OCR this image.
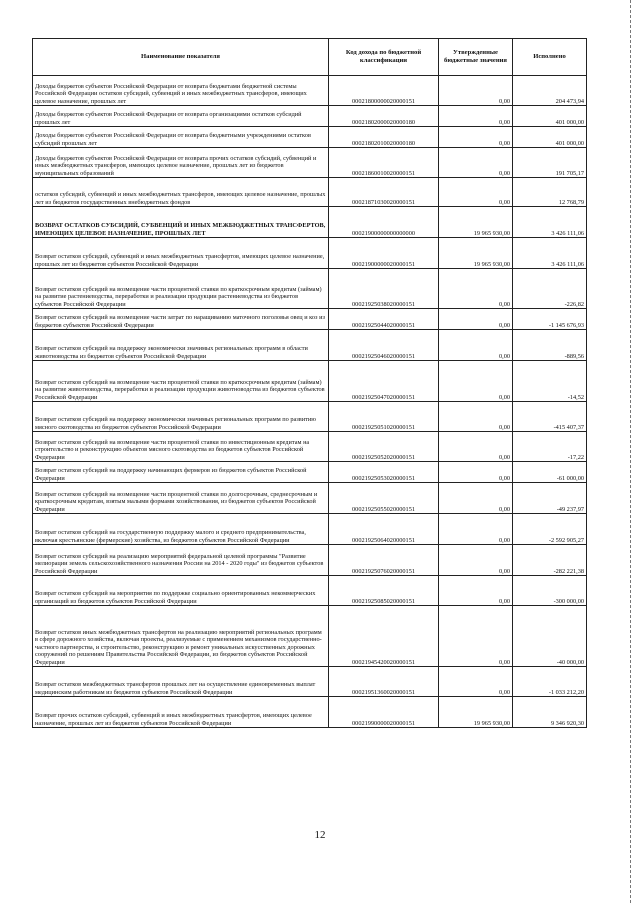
Наименование показателя	Код дохода по бюджетной классификации	Утвержденные бюджетные значения	Исполнено
Доходы бюджетов субъектов Российской Федерации от возврата бюджетами бюджетной системы Российской Федерации остатков субсидий, субвенций и иных межбюджетных трансферов, имеющих целевое назначение, прошлых лет	00021800000020000151	0,00	204 473,94
Доходы бюджетов субъектов Российской Федерации от возврата организациями остатков субсидий прошлых лет	00021802000020000180	0,00	401 000,00
Доходы бюджетов субъектов Российской Федерации от возврата бюджетными учреждениями остатков субсидий прошлых лет	00021802010020000180	0,00	401 000,00
Доходы бюджетов субъектов Российской Федерации от возврата прочих остатков субсидий, субвенций и иных межбюджетных трансферов, имеющих целевое назначение, прошлых лет из бюджетов муниципальных образований	00021860010020000151	0,00	191 705,17
остатков субсидий, субвенций и иных межбюджетных трансферов, имеющих целевое назначение, прошлых лет из бюджетов государственных внебюджетных фондов	00021871030020000151	0,00	12 768,79
ВОЗВРАТ ОСТАТКОВ СУБСИДИЙ, СУБВЕНЦИЙ И ИНЫХ МЕЖБЮДЖЕТНЫХ ТРАНСФЕРТОВ, ИМЕЮЩИХ ЦЕЛЕВОЕ НАЗНАЧЕНИЕ, ПРОШЛЫХ ЛЕТ	00021900000000000000	19 965 930,00	3 426 111,06
Возврат остатков субсидий, субвенций и иных межбюджетных трансфертов, имеющих целевое назначение, прошлых лет из бюджетов субъектов Российской Федерации	00021900000020000151	19 965 930,00	3 426 111,06
Возврат остатков субсидий на возмещение части процентной ставки по краткосрочным кредитам (займам) на развитие растениеводства, переработки и реализации продукции растениеводства из бюджетов субъектов Российской Федерации	00021925038020000151	0,00	-226,82
Возврат остатков субсидий на возмещение части затрат по наращиванию маточного поголовья овец и коз из бюджетов субъектов Российской Федерации	00021925044020000151	0,00	-1 145 676,93
Возврат остатков субсидий на поддержку экономически значимых региональных программ в области животноводства из бюджетов субъектов Российской Федерации	00021925046020000151	0,00	-889,56
Возврат остатков субсидий на возмещение части процентной ставки по краткосрочным кредитам (займам) на развитие животноводства, переработки и реализации продукции животноводства из бюджетов субъектов Российской Федерации	00021925047020000151	0,00	-14,52
Возврат остатков субсидий на поддержку экономически значимых региональных программ по развитию мясного скотоводства из бюджетов субъектов Российской Федерации	00021925051020000151	0,00	-415 407,37
Возврат остатков субсидий на возмещение части процентной ставки по инвестиционным кредитам на строительство и реконструкцию объектов мясного скотоводства из бюджетов субъектов Российской Федерации	00021925052020000151	0,00	-17,22
Возврат остатков субсидий на поддержку начинающих фермеров из бюджетов субъектов Российской Федерации	00021925053020000151	0,00	-61 000,00
Возврат остатков субсидий на возмещение части процентной ставки по долгосрочным, среднесрочным и краткосрочным кредитам, взятым малыми формами хозяйствования, из бюджетов субъектов Российской Федерации	00021925055020000151	0,00	-49 237,97
Возврат остатков субсидий на государственную поддержку малого и среднего предпринимательства, включая крестьянские (фермерские) хозяйства, из бюджетов субъектов Российской Федерации	00021925064020000151	0,00	-2 592 905,27
Возврат остатков субсидий на реализацию мероприятий федеральной целевой программы "Развитие мелиорации земель сельскохозяйственного назначения России на 2014 - 2020 годы" из бюджетов субъектов Российской Федерации	00021925076020000151	0,00	-282 221,38
Возврат остатков субсидий на мероприятия по поддержке социально ориентированных некоммерческих организаций из бюджетов субъектов Российской Федерации	00021925085020000151	0,00	-300 000,00
Возврат остатков иных межбюджетных трансфертов на реализацию мероприятий региональных программ в сфере дорожного хозяйства, включая проекты, реализуемые с применением механизмов государственно-частного партнерства, и строительство, реконструкцию и ремонт уникальных искусственных дорожных сооружений по решениям Правительства Российской Федерации, из бюджетов субъектов Российской Федерации	00021945420020000151	0,00	-40 000,00
Возврат остатков межбюджетных трансфертов прошлых лет на осуществление единовременных выплат медицинским работникам из бюджетов субъектов Российской Федерации	00021951360020000151	0,00	-1 033 212,20
Возврат прочих остатков субсидий, субвенций и иных межбюджетных трансфертов, имеющих целевое назначение, прошлых лет из бюджетов субъектов Российской Федерации	00021990000020000151	19 965 930,00	9 346 920,30
12
